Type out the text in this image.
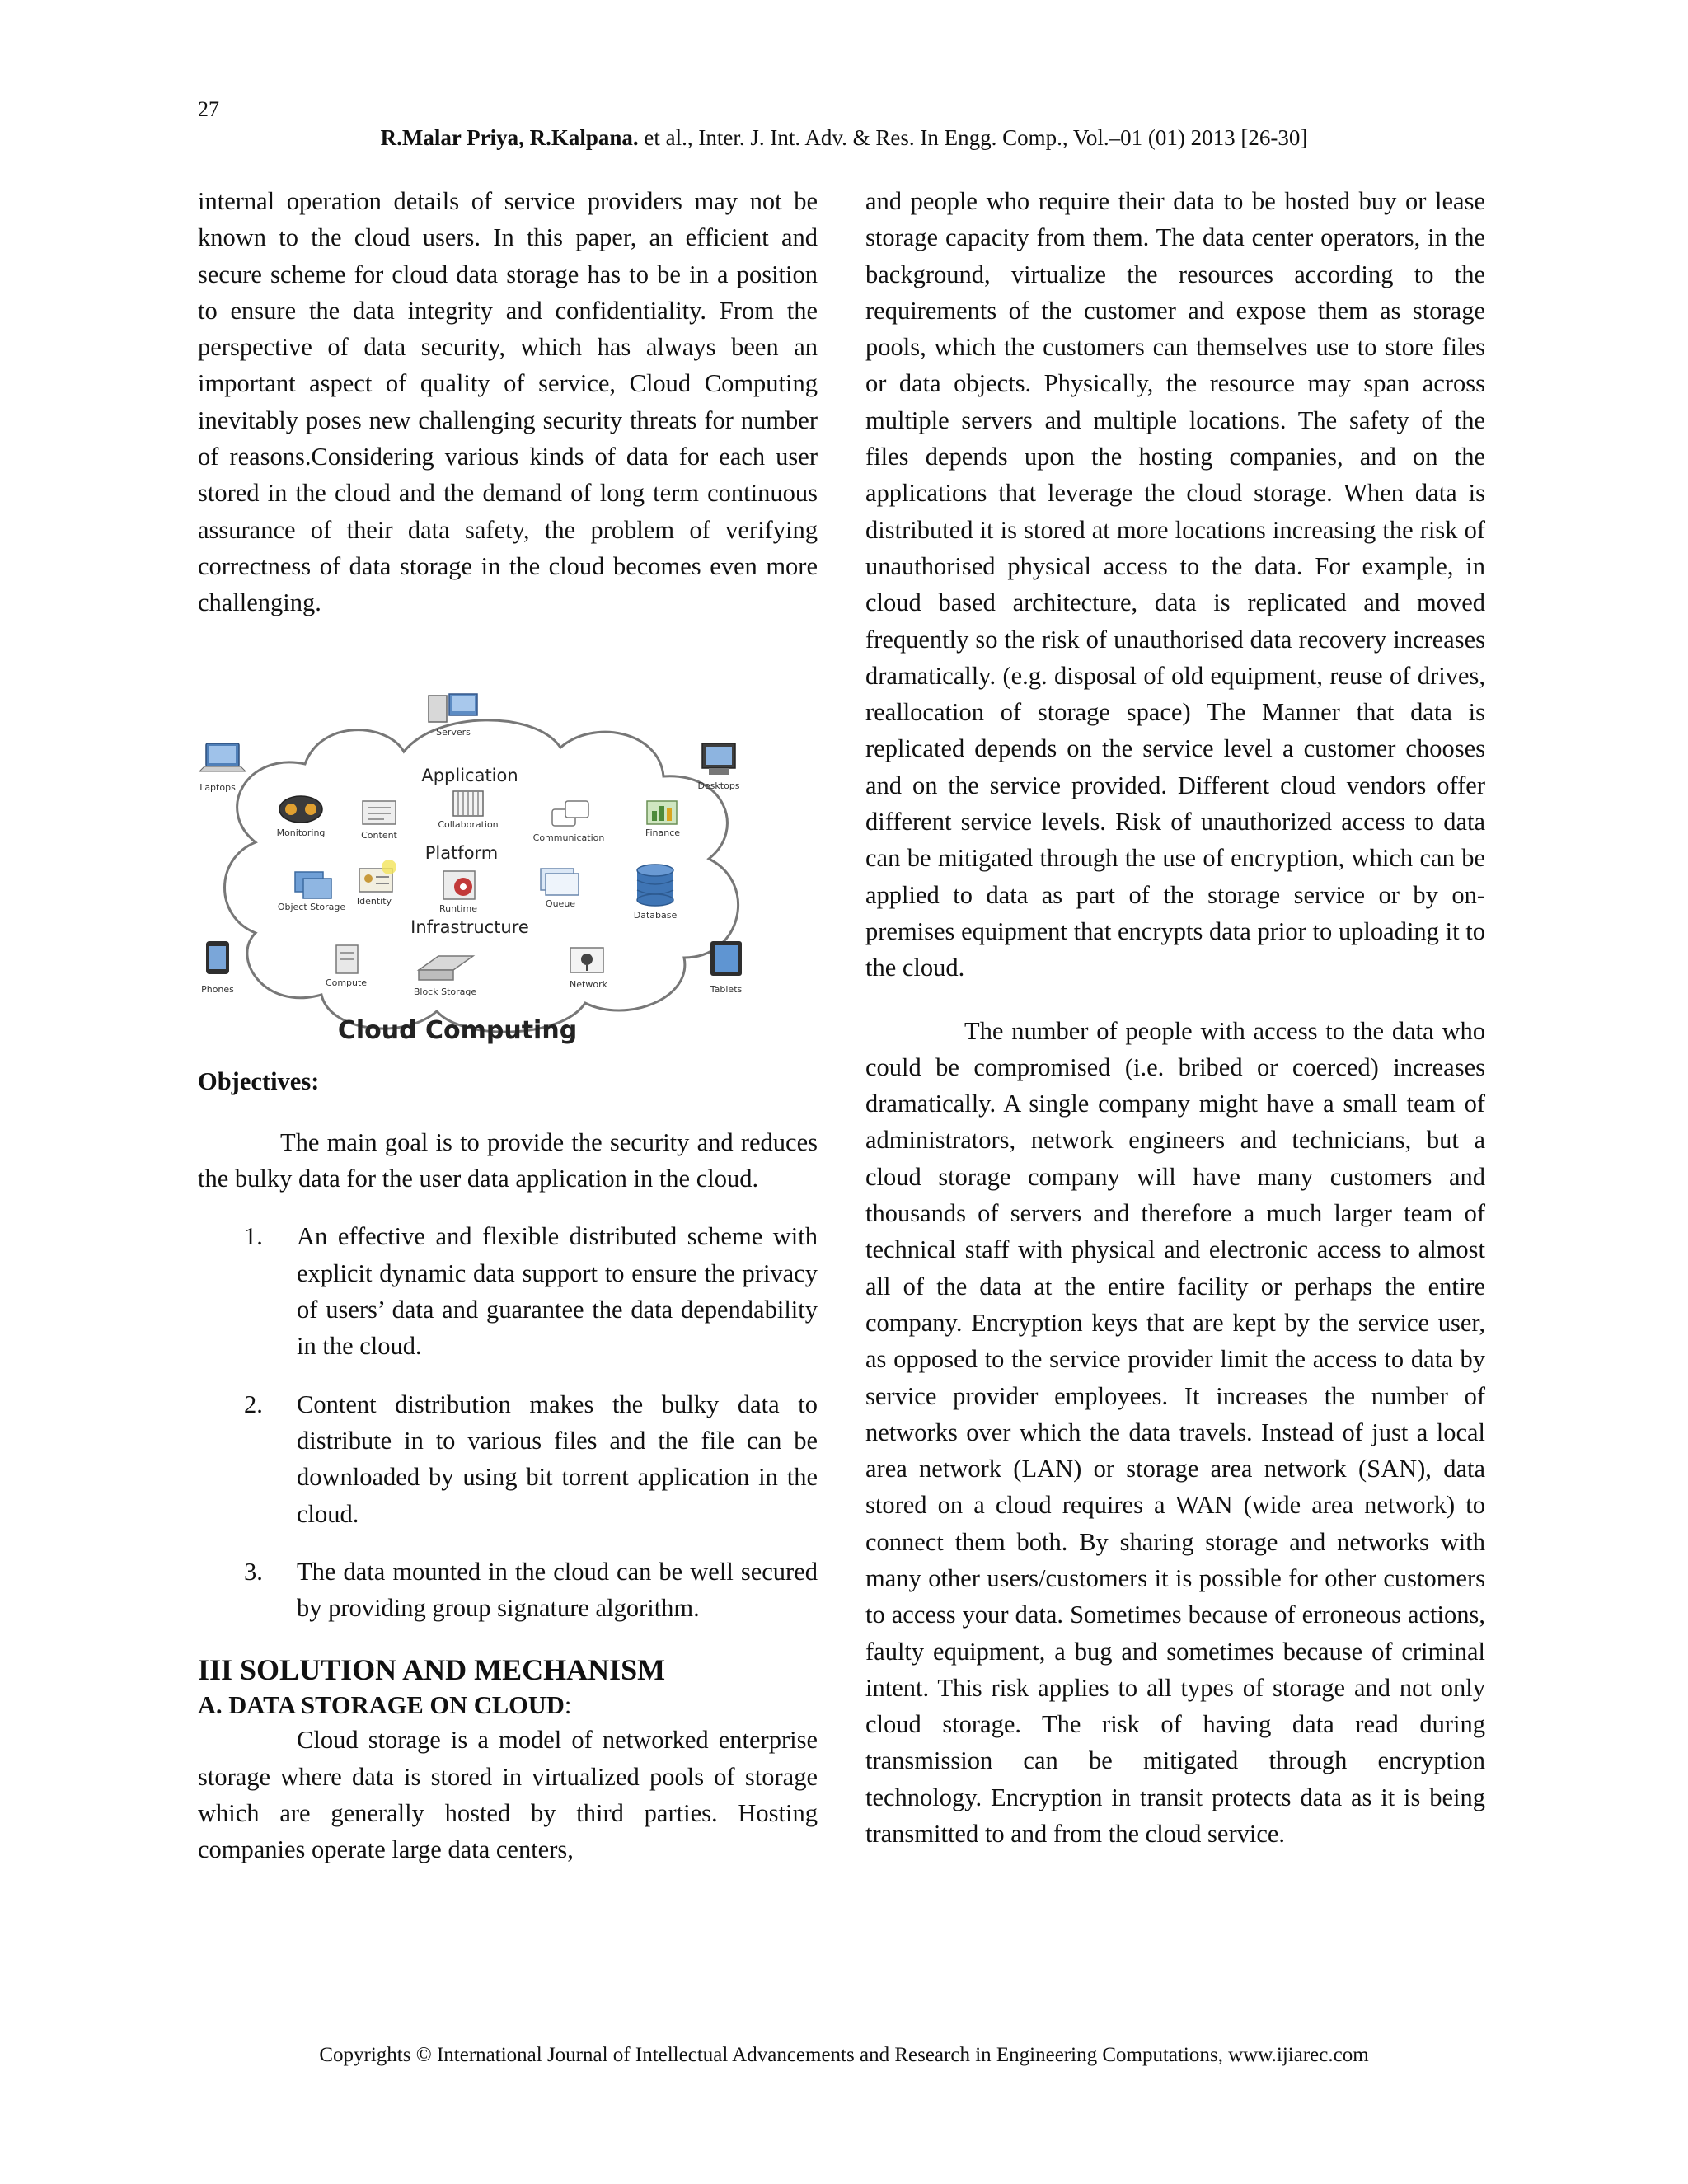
27
R.Malar Priya, R.Kalpana. et al., Inter. J. Int. Adv. & Res. In Engg. Comp., Vol.–01 (01) 2013 [26-30]

internal operation details of service providers may not be known to the cloud users. In this paper, an efficient and secure scheme for cloud data storage has to be in a position to ensure the data integrity and confidentiality. From the perspective of data security, which has always been an important aspect of quality of service, Cloud Computing inevitably poses new challenging security threats for number of reasons.Considering various kinds of data for each user stored in the cloud and the demand of long term continuous assurance of their data safety, the problem of verifying correctness of data storage in the cloud becomes even more challenging.

Servers
Laptops	Desktops
Application
Monitoring	Content
Collaboration
Communication	Finance
Platform
Object Storage
Identity
Runtime	Queue
Database
Infrastructure
Compute
Block Storage
Network
Phones	Tablets
Cloud Computing

Objectives:

The main goal is to provide the security and reduces the bulky data for the user data application in the cloud.

1. An effective and flexible distributed scheme with explicit dynamic data support to ensure the privacy of users’ data and guarantee the data dependability in the cloud.
2. Content distribution makes the bulky data to distribute in to various files and the file can be downloaded by using bit torrent application in the cloud.
3. The data mounted in the cloud can be well secured by providing group signature algorithm.
III SOLUTION AND MECHANISM
A. DATA STORAGE ON CLOUD:

Cloud storage is a model of networked enterprise storage where data is stored in virtualized pools of storage which are generally hosted by third parties. Hosting companies operate large data centers,

and people who require their data to be hosted buy or lease storage capacity from them. The data center operators, in the background, virtualize the resources according to the requirements of the customer and expose them as storage pools, which the customers can themselves use to store files or data objects. Physically, the resource may span across multiple servers and multiple locations. The safety of the files depends upon the hosting companies, and on the applications that leverage the cloud storage. When data is distributed it is stored at more locations increasing the risk of unauthorised physical access to the data. For example, in cloud based architecture, data is replicated and moved frequently so the risk of unauthorised data recovery increases dramatically. (e.g. disposal of old equipment, reuse of drives, reallocation of storage space) The Manner that data is replicated depends on the service level a customer chooses and on the service provided. Different cloud vendors offer different service levels. Risk of unauthorized access to data can be mitigated through the use of encryption, which can be applied to data as part of the storage service or by on-premises equipment that encrypts data prior to uploading it to the cloud.

The number of people with access to the data who could be compromised (i.e. bribed or coerced) increases dramatically. A single company might have a small team of administrators, network engineers and technicians, but a cloud storage company will have many customers and thousands of servers and therefore a much larger team of technical staff with physical and electronic access to almost all of the data at the entire facility or perhaps the entire company. Encryption keys that are kept by the service user, as opposed to the service provider limit the access to data by service provider employees. It increases the number of networks over which the data travels. Instead of just a local area network (LAN) or storage area network (SAN), data stored on a cloud requires a WAN (wide area network) to connect them both. By sharing storage and networks with many other users/customers it is possible for other customers to access your data. Sometimes because of erroneous actions, faulty equipment, a bug and sometimes because of criminal intent. This risk applies to all types of storage and not only cloud storage. The risk of having data read during transmission can be mitigated through encryption technology. Encryption in transit protects data as it is being transmitted to and from the cloud service.

Copyrights © International Journal of Intellectual Advancements and Research in Engineering Computations, www.ijiarec.com
